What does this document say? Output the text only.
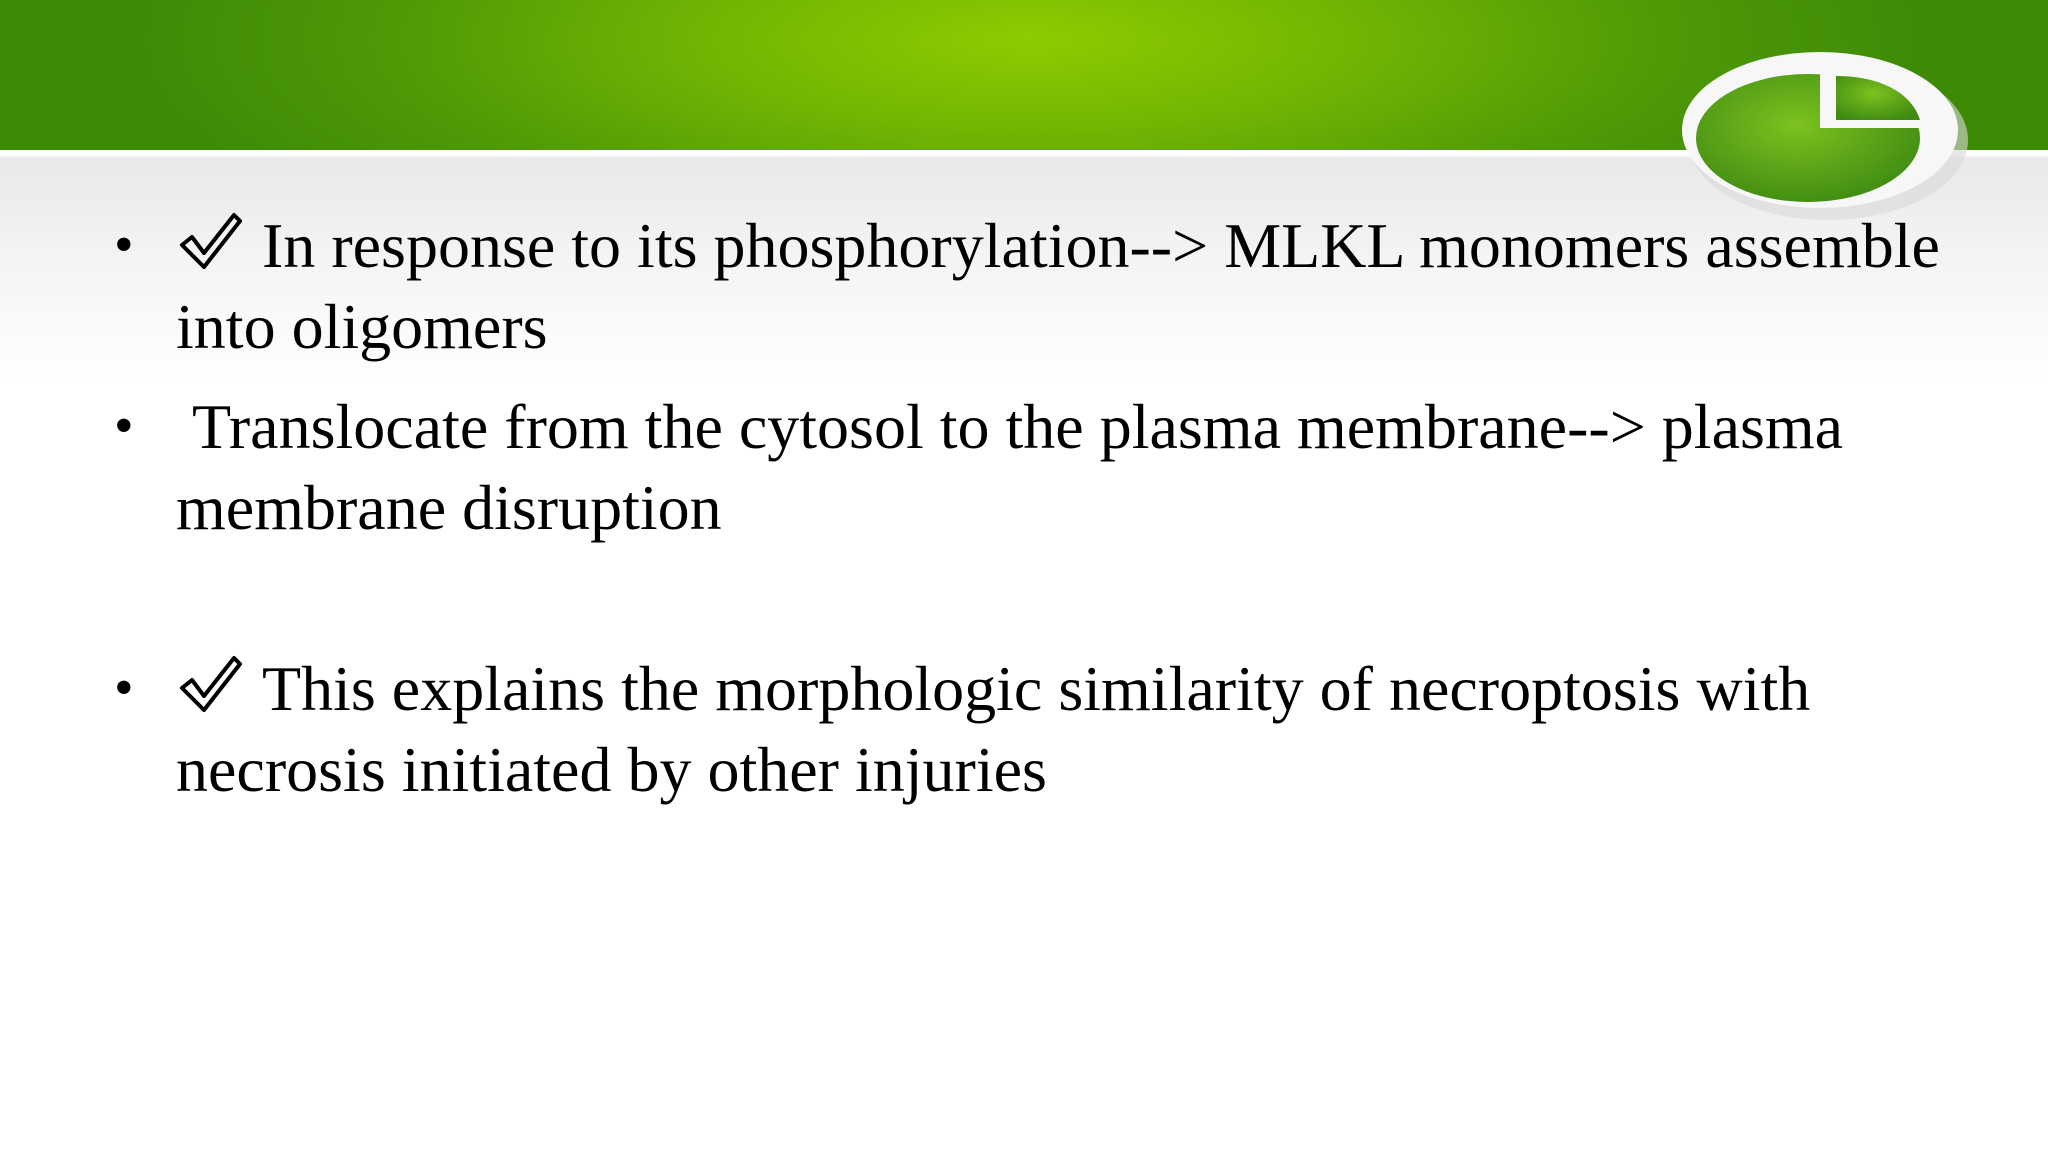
• In response to its phosphorylation--> MLKL monomers assemble into oligomers
• Translocate from the cytosol to the plasma membrane--> plasma membrane disruption
• This explains the morphologic similarity of necroptosis with necrosis initiated by other injuries
